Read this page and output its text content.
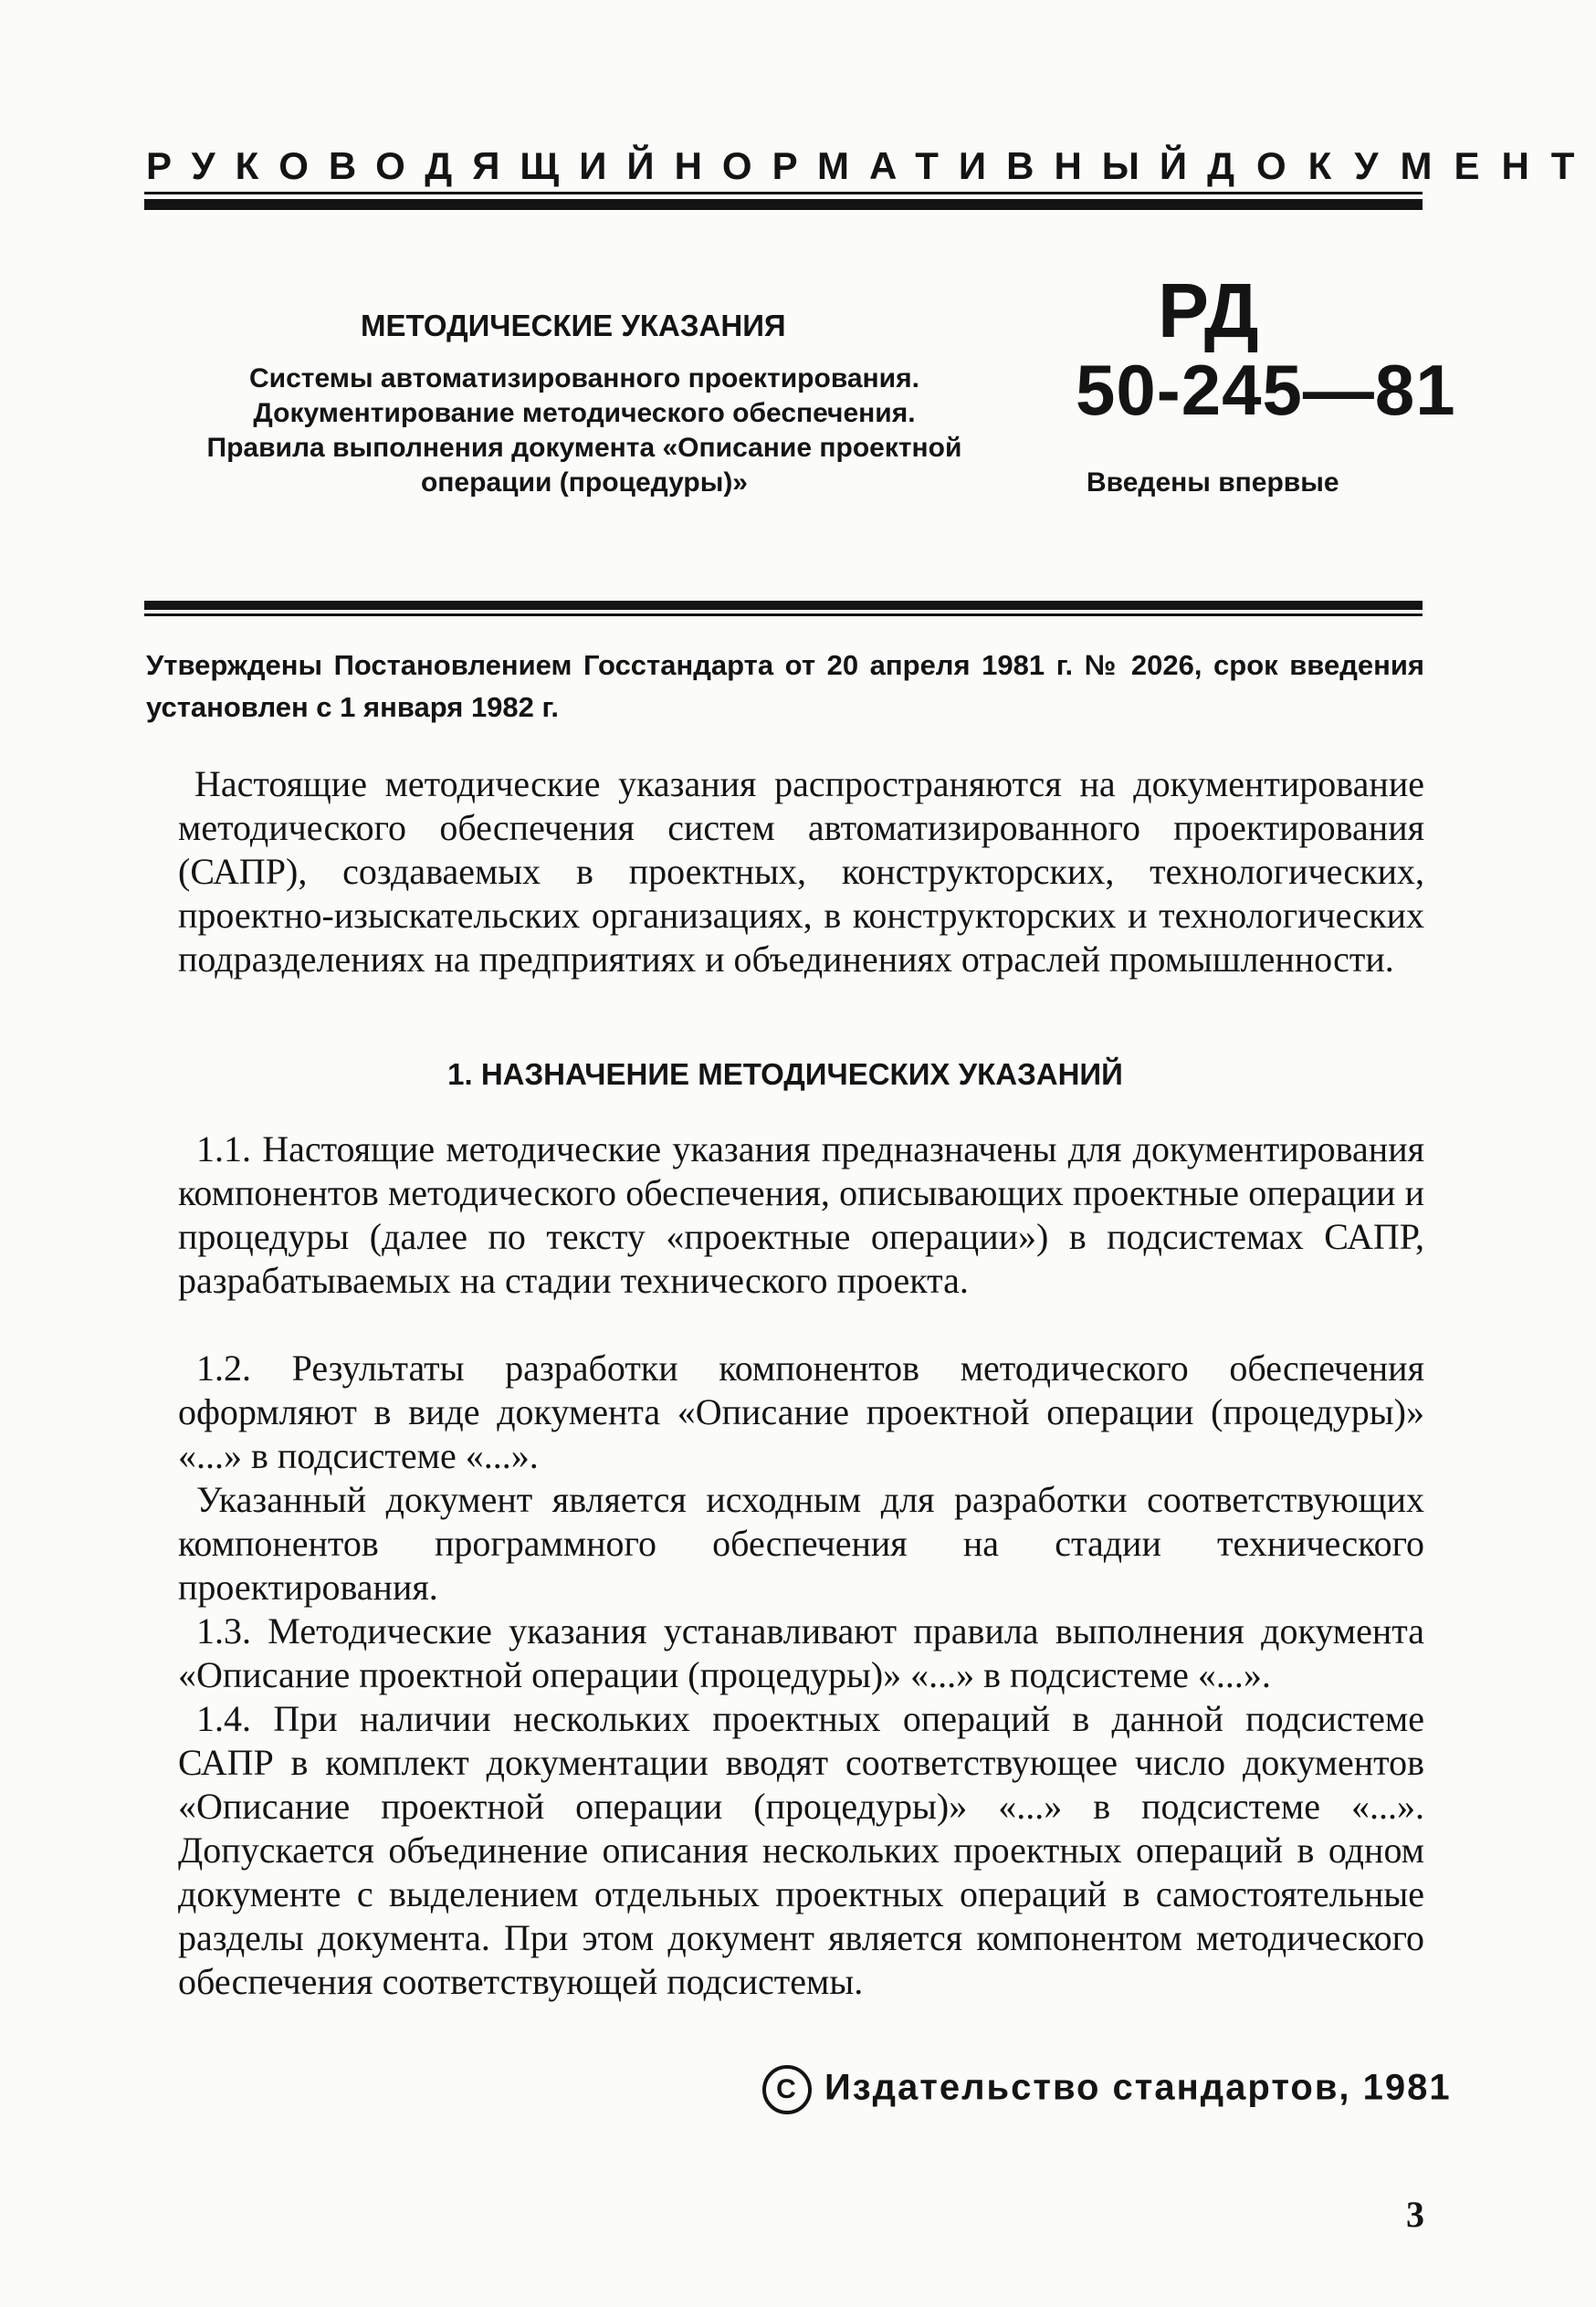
РУКОВОДЯЩИЙ НОРМАТИВНЫЙ ДОКУМЕНТ
МЕТОДИЧЕСКИЕ УКАЗАНИЯ
Системы автоматизированного проектирования.
Документирование методического обеспечения.
Правила выполнения документа «Описание проектной
операции (процедуры)»
РД
50-245—81
Введены впервые
Утверждены Постановлением Госстандарта от 20 апреля 1981 г. № 2026, срок введения установлен с 1 января 1982 г.
Настоящие методические указания распространяются на документирование методического обеспечения систем автоматизированного проектирования (САПР), создаваемых в проектных, конструкторских, технологических, проектно-изыскательских организациях, в конструкторских и технологических подразделениях на предприятиях и объединениях отраслей промышленности.
1. НАЗНАЧЕНИЕ МЕТОДИЧЕСКИХ УКАЗАНИЙ
1.1. Настоящие методические указания предназначены для документирования компонентов методического обеспечения, описывающих проектные операции и процедуры (далее по тексту «проектные операции») в подсистемах САПР, разрабатываемых на стадии технического проекта.
1.2. Результаты разработки компонентов методического обеспечения оформляют в виде документа «Описание проектной операции (процедуры)» «...» в подсистеме «...».
Указанный документ является исходным для разработки соответствующих компонентов программного обеспечения на стадии технического проектирования.
1.3. Методические указания устанавливают правила выполнения документа «Описание проектной операции (процедуры)» «...» в подсистеме «...».
1.4. При наличии нескольких проектных операций в данной подсистеме САПР в комплект документации вводят соответствующее число документов «Описание проектной операции (процедуры)» «...» в подсистеме «...». Допускается объединение описания нескольких проектных операций в одном документе с выделением отдельных проектных операций в самостоятельные разделы документа. При этом документ является компонентом методического обеспечения соответствующей подсистемы.
C Издательство стандартов, 1981
3
